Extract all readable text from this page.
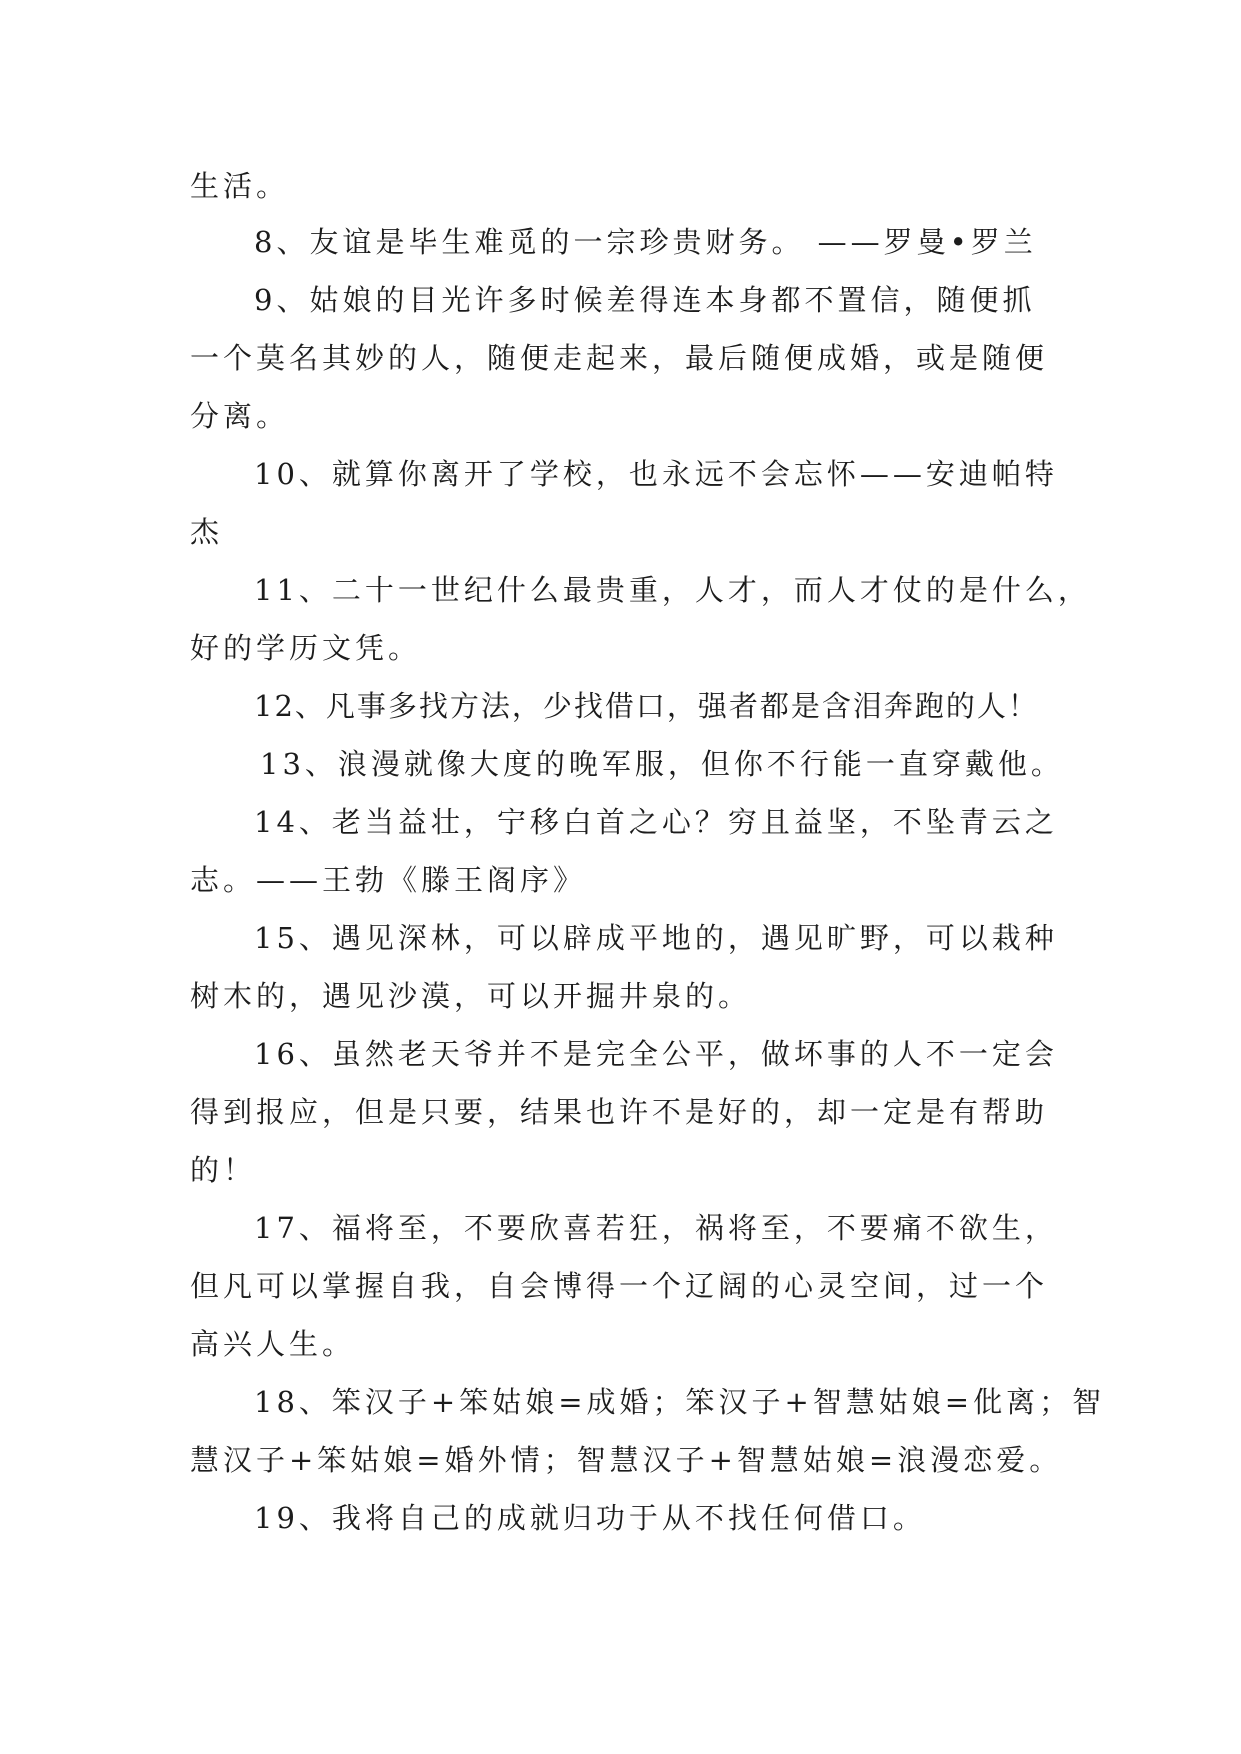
生活。
8、友谊是毕生难觅的一宗珍贵财务。 ——罗曼•罗兰
9、姑娘的目光许多时候差得连本身都不置信，随便抓
一个莫名其妙的人，随便走起来，最后随便成婚，或是随便
分离。
10、就算你离开了学校，也永远不会忘怀——安迪帕特
杰
11、二十一世纪什么最贵重，人才，而人才仗的是什么，
好的学历文凭。
12、凡事多找方法，少找借口，强者都是含泪奔跑的人！
13、浪漫就像大度的晚军服，但你不行能一直穿戴他。
14、老当益壮，宁移白首之心？穷且益坚，不坠青云之
志。——王勃《滕王阁序》
15、遇见深林，可以辟成平地的，遇见旷野，可以栽种
树木的，遇见沙漠，可以开掘井泉的。
16、虽然老天爷并不是完全公平，做坏事的人不一定会
得到报应，但是只要，结果也许不是好的，却一定是有帮助
的！
17、福将至，不要欣喜若狂，祸将至，不要痛不欲生，
但凡可以掌握自我，自会博得一个辽阔的心灵空间，过一个
高兴人生。
18、笨汉子+笨姑娘=成婚；笨汉子+智慧姑娘=仳离；智
慧汉子+笨姑娘=婚外情；智慧汉子+智慧姑娘=浪漫恋爱。
19、我将自己的成就归功于从不找任何借口。
